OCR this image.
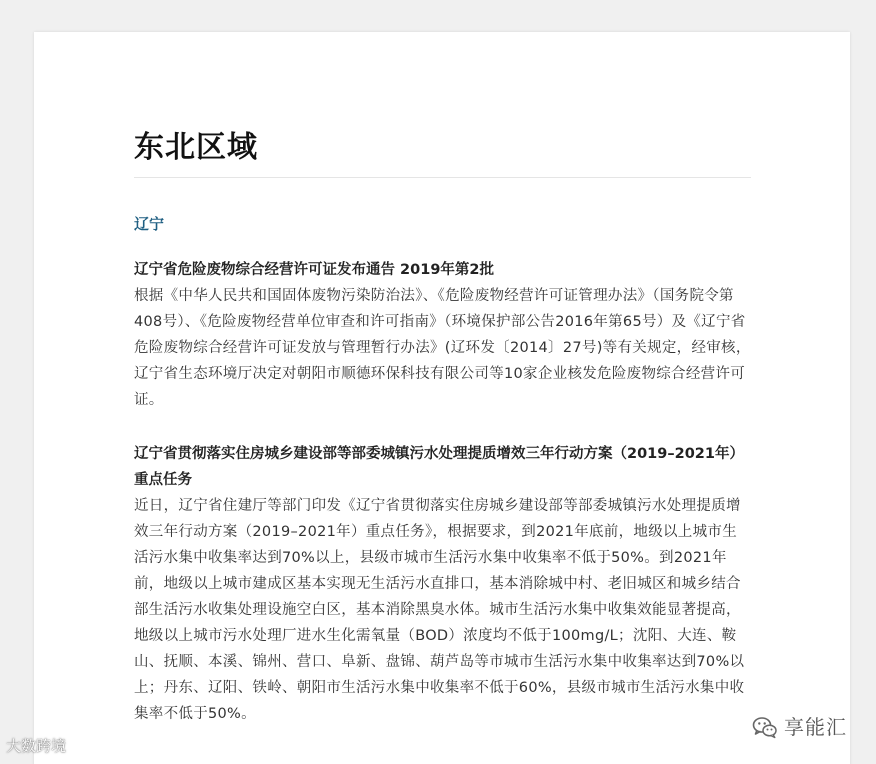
东北区域
辽宁

辽宁省危险废物综合经营许可证发布通告 2019年第2批

根据《中华人民共和国固体废物污染防治法》、《危险废物经营许可证管理办法》（国务院令第408号）、《危险废物经营单位审查和许可指南》（环境保护部公告2016年第65号）及《辽宁省危险废物综合经营许可证发放与管理暂行办法》(辽环发〔2014〕27号)等有关规定，经审核，辽宁省生态环境厅决定对朝阳市顺德环保科技有限公司等10家企业核发危险废物综合经营许可证。

辽宁省贯彻落实住房城乡建设部等部委城镇污水处理提质增效三年行动方案（2019–2021年）重点任务

近日，辽宁省住建厅等部门印发《辽宁省贯彻落实住房城乡建设部等部委城镇污水处理提质增效三年行动方案（2019–2021年）重点任务》，根据要求，到2021年底前，地级以上城市生活污水集中收集率达到70%以上，县级市城市生活污水集中收集率不低于50%。到2021年前，地级以上城市建成区基本实现无生活污水直排口，基本消除城中村、老旧城区和城乡结合部生活污水收集处理设施空白区，基本消除黑臭水体。城市生活污水集中收集效能显著提高，地级以上城市污水处理厂进水生化需氧量（BOD）浓度均不低于100mg/L；沈阳、大连、鞍山、抚顺、本溪、锦州、营口、阜新、盘锦、葫芦岛等市城市生活污水集中收集率达到70%以上；丹东、辽阳、铁岭、朝阳市生活污水集中收集率不低于60%，县级市城市生活污水集中收集率不低于50%。

大数跨境
享能汇
